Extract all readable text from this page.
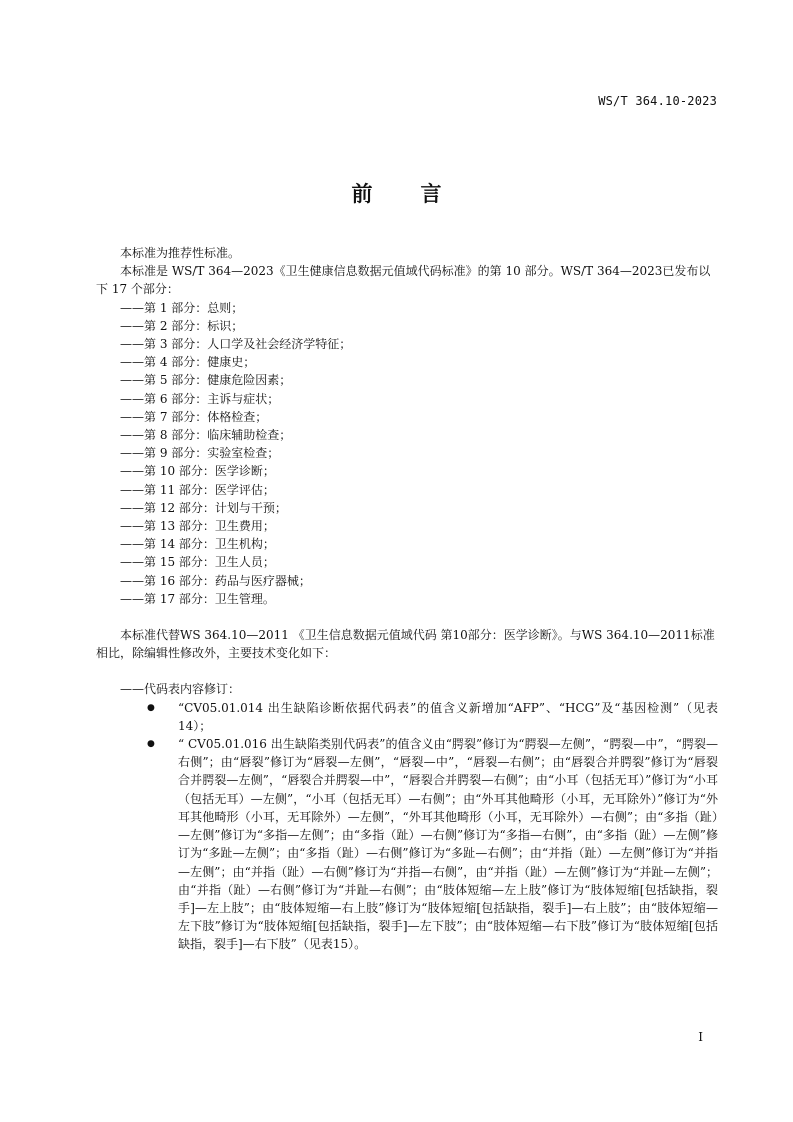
WS/T 364.10-2023
前 言

本标准为推荐性标准。

本标准是 WS/T 364—2023《卫生健康信息数据元值域代码标准》的第 10 部分。WS/T 364—2023已发布以下 17 个部分：

——第 1 部分：总则；
——第 2 部分：标识；
——第 3 部分：人口学及社会经济学特征；
——第 4 部分：健康史；
——第 5 部分：健康危险因素；
——第 6 部分：主诉与症状；
——第 7 部分：体格检查；
——第 8 部分：临床辅助检查；
——第 9 部分：实验室检查；
——第 10 部分：医学诊断；
——第 11 部分：医学评估；
——第 12 部分：计划与干预；
——第 13 部分：卫生费用；
——第 14 部分：卫生机构；
——第 15 部分：卫生人员；
——第 16 部分：药品与医疗器械；
——第 17 部分：卫生管理。

本标准代替WS 364.10—2011 《卫生信息数据元值域代码 第10部分：医学诊断》。与WS 364.10—2011标准相比，除编辑性修改外，主要技术变化如下：

——代码表内容修订：

● “CV05.01.014 出生缺陷诊断依据代码表”的值含义新增加“AFP”、“HCG”及“基因检测”（见表14）；
● “ CV05.01.016 出生缺陷类别代码表”的值含义由“腭裂”修订为“腭裂—左侧”，“腭裂—中”，“腭裂—右侧”；由“唇裂”修订为“唇裂—左侧”，“唇裂—中”，“唇裂—右侧”；由“唇裂合并腭裂”修订为“唇裂合并腭裂—左侧”，“唇裂合并腭裂—中”，“唇裂合并腭裂—右侧”；由“小耳（包括无耳）”修订为“小耳（包括无耳）—左侧”，“小耳（包括无耳）—右侧”；由“外耳其他畸形（小耳，无耳除外）”修订为“外耳其他畸形（小耳，无耳除外）—左侧”，“外耳其他畸形（小耳，无耳除外）—右侧”；由“多指（趾）—左侧”修订为“多指—左侧”；由“多指（趾）—右侧”修订为“多指—右侧”，由“多指（趾）—左侧”修订为“多趾—左侧”；由“多指（趾）—右侧”修订为“多趾—右侧”；由“并指（趾）—左侧”修订为“并指—左侧”；由“并指（趾）—右侧”修订为“并指—右侧”，由“并指（趾）—左侧”修订为“并趾—左侧”；由“并指（趾）—右侧”修订为“并趾—右侧”；由“肢体短缩—左上肢”修订为“肢体短缩[包括缺指，裂手]—左上肢”；由“肢体短缩—右上肢”修订为“肢体短缩[包括缺指，裂手]—右上肢”；由“肢体短缩—左下肢”修订为“肢体短缩[包括缺指，裂手]—左下肢”；由“肢体短缩—右下肢”修订为“肢体短缩[包括缺指，裂手]—右下肢”（见表15）。
I
